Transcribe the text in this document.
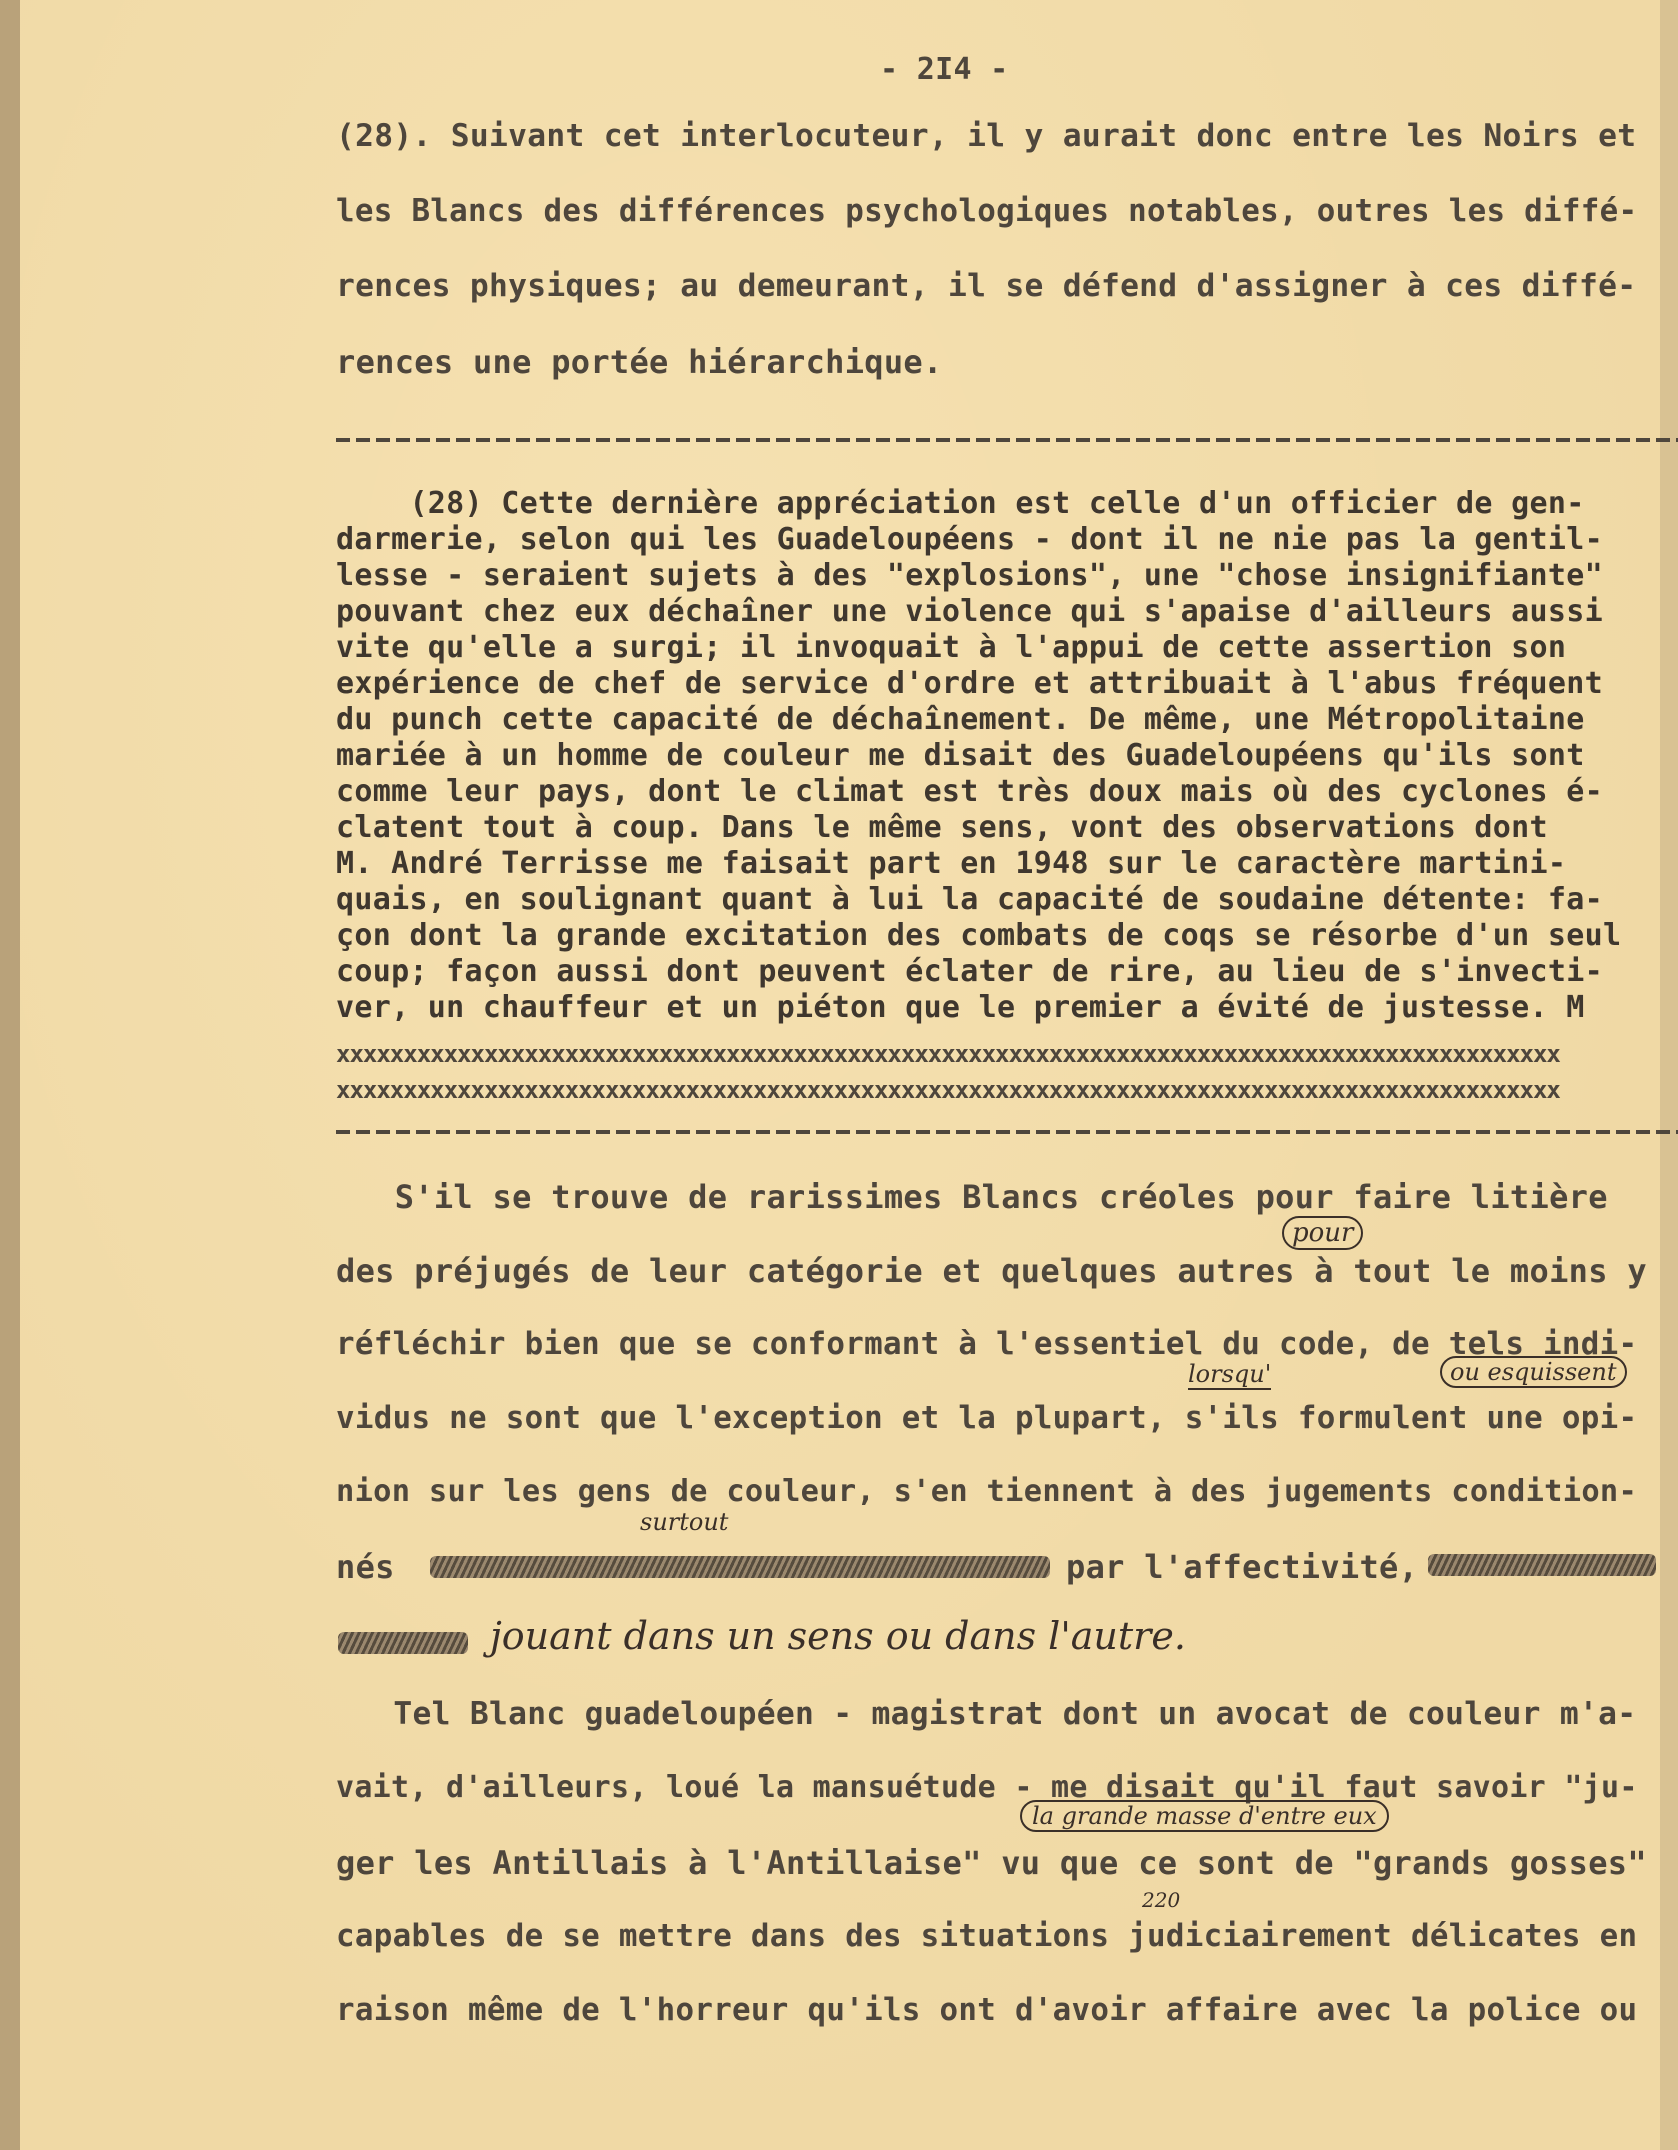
- 2I4 -
(28). Suivant cet interlocuteur, il y aurait donc entre les Noirs et
les Blancs des différences psychologiques notables, outres les diffé-
rences physiques; au demeurant, il se défend d'assigner à ces diffé-
rences une portée hiérarchique.
(28) Cette dernière appréciation est celle d'un officier de gen-
darmerie, selon qui les Guadeloupéens - dont il ne nie pas la gentil-
lesse - seraient sujets à des "explosions", une "chose insignifiante"
pouvant chez eux déchaîner une violence qui s'apaise d'ailleurs aussi
vite qu'elle a surgi; il invoquait à l'appui de cette assertion son
expérience de chef de service d'ordre et attribuait à l'abus fréquent
du punch cette capacité de déchaînement. De même, une Métropolitaine
mariée à un homme de couleur me disait des Guadeloupéens qu'ils sont
comme leur pays, dont le climat est très doux mais où des cyclones é-
clatent tout à coup. Dans le même sens, vont des observations dont
M. André Terrisse me faisait part en 1948 sur le caractère martini-
quais, en soulignant quant à lui la capacité de soudaine détente: fa-
çon dont la grande excitation des combats de coqs se résorbe d'un seul
coup; façon aussi dont peuvent éclater de rire, au lieu de s'invecti-
ver, un chauffeur et un piéton que le premier a évité de justesse. M
xxxxxxxxxxxxxxxxxxxxxxxxxxxxxxxxxxxxxxxxxxxxxxxxxxxxxxxxxxxxxxxxxxxxxxxxxxxxxxxxxxxxxxxxxxx
xxxxxxxxxxxxxxxxxxxxxxxxxxxxxxxxxxxxxxxxxxxxxxxxxxxxxxxxxxxxxxxxxxxxxxxxxxxxxxxxxxxxxxxxxxx
S'il se trouve de rarissimes Blancs créoles pour faire litière
des préjugés de leur catégorie et quelques autres à tout le moins y
réfléchir bien que se conformant à l'essentiel du code, de tels indi-
vidus ne sont que l'exception et la plupart, s'ils formulent une opi-
nion sur les gens de couleur, s'en tiennent à des jugements condition-
nés	par l'affectivité,
Tel Blanc guadeloupéen - magistrat dont un avocat de couleur m'a-
vait, d'ailleurs, loué la mansuétude - me disait qu'il faut savoir "ju-
ger les Antillais à l'Antillaise" vu que ce sont de "grands gosses"
capables de se mettre dans des situations judiciairement délicates en
raison même de l'horreur qu'ils ont d'avoir affaire avec la police ou
pour
lorsqu'	ou esquissent
surtout
jouant dans un sens ou dans l'autre.
la grande masse d'entre eux
220
